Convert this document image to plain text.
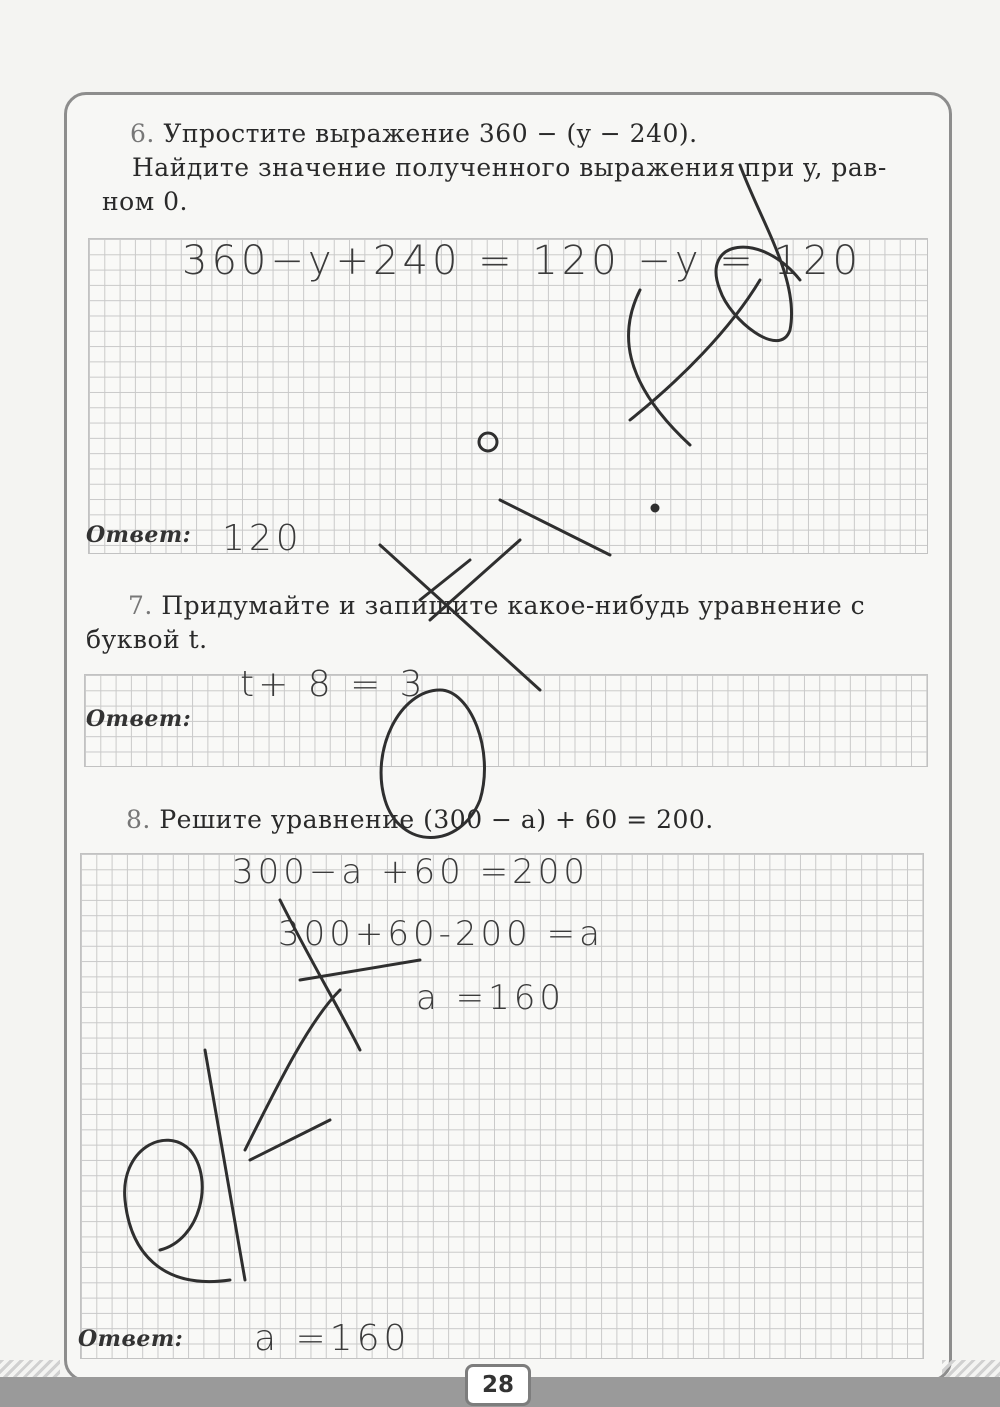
6. Упростите выражение 360 − (y − 240).

Найдите значение полученного выражения при y, рав-

ном 0.

360−y+240 = 120 −y = 120
Ответ: 120

7. Придумайте и запишите какое-нибудь уравнение с

буквой t.

t+ 8 = 3
Ответ:

8. Решите уравнение (300 − a) + 60 = 200.

300−a +60 =200
300+60-200 =a
a =160
Ответ: a =160
28
